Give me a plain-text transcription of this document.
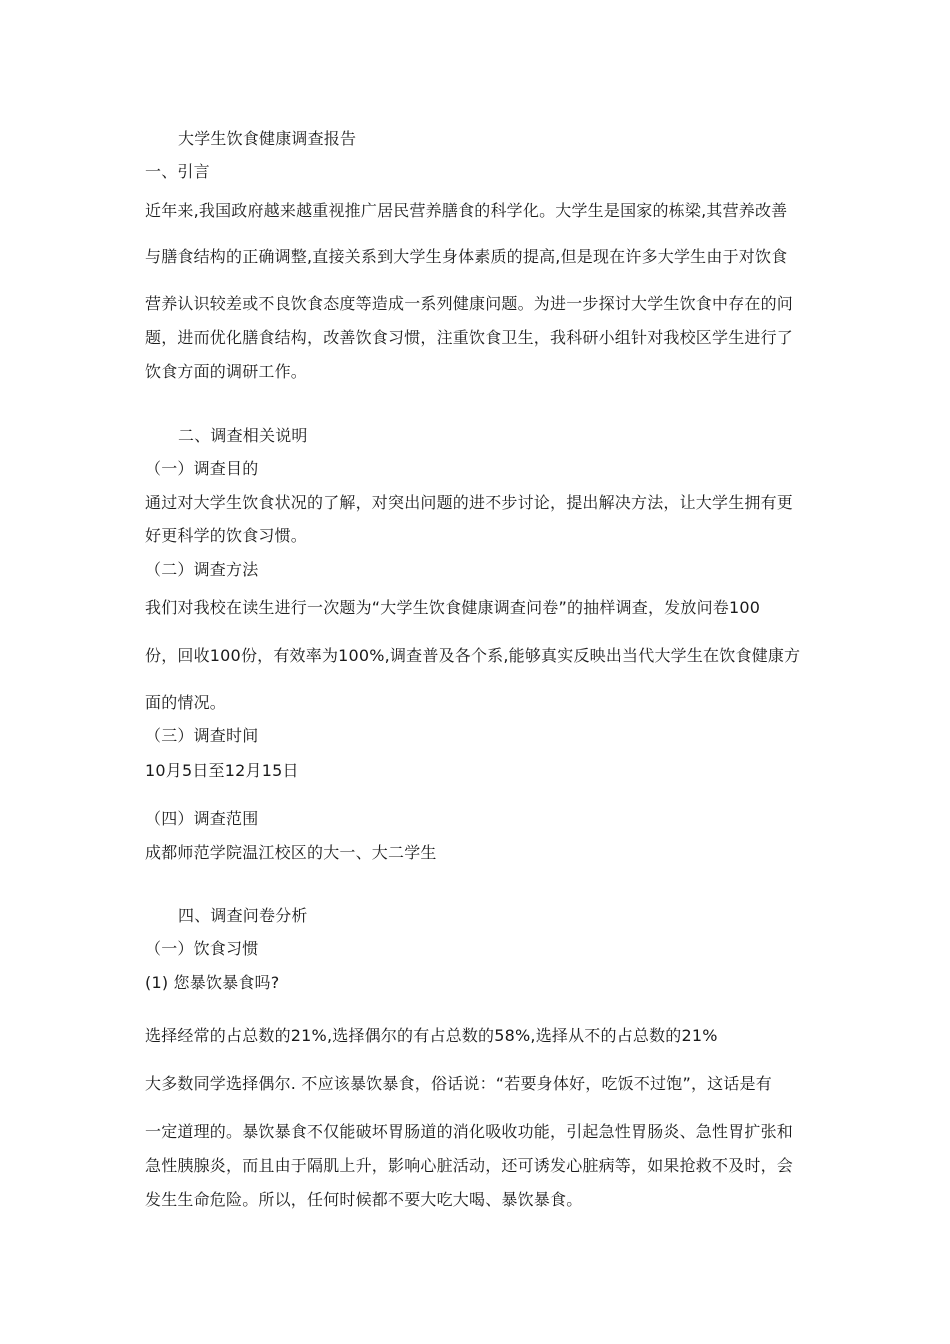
大学生饮食健康调查报告
一、引言
近年来,我国政府越来越重视推广居民营养膳食的科学化。大学生是国家的栋梁,其营养改善
与膳食结构的正确调整,直接关系到大学生身体素质的提高,但是现在许多大学生由于对饮食
营养认识较差或不良饮食态度等造成一系列健康问题。为进一步探讨大学生饮食中存在的问
题，进而优化膳食结构，改善饮食习惯，注重饮食卫生，我科研小组针对我校区学生进行了
饮食方面的调研工作。
二、调查相关说明
（一）调查目的
通过对大学生饮食状况的了解，对突出问题的进不步讨论，提出解决方法，让大学生拥有更
好更科学的饮食习惯。
（二）调查方法
我们对我校在读生进行一次题为“大学生饮食健康调查问卷”的抽样调查，发放问卷100
份，回收100份，有效率为100%,调查普及各个系,能够真实反映出当代大学生在饮食健康方
面的情况。
（三）调查时间
10月5日至12月15日
（四）调查范围
成都师范学院温江校区的大一、大二学生
四、调查问卷分析
（一）饮食习惯
(1) 您暴饮暴食吗?
选择经常的占总数的21%,选择偶尔的有占总数的58%,选择从不的占总数的21%
大多数同学选择偶尔. 不应该暴饮暴食，俗话说：“若要身体好，吃饭不过饱”，这话是有
一定道理的。暴饮暴食不仅能破坏胃肠道的消化吸收功能，引起急性胃肠炎、急性胃扩张和
急性胰腺炎，而且由于隔肌上升，影响心脏活动，还可诱发心脏病等，如果抢救不及时，会
发生生命危险。所以，任何时候都不要大吃大喝、暴饮暴食。
